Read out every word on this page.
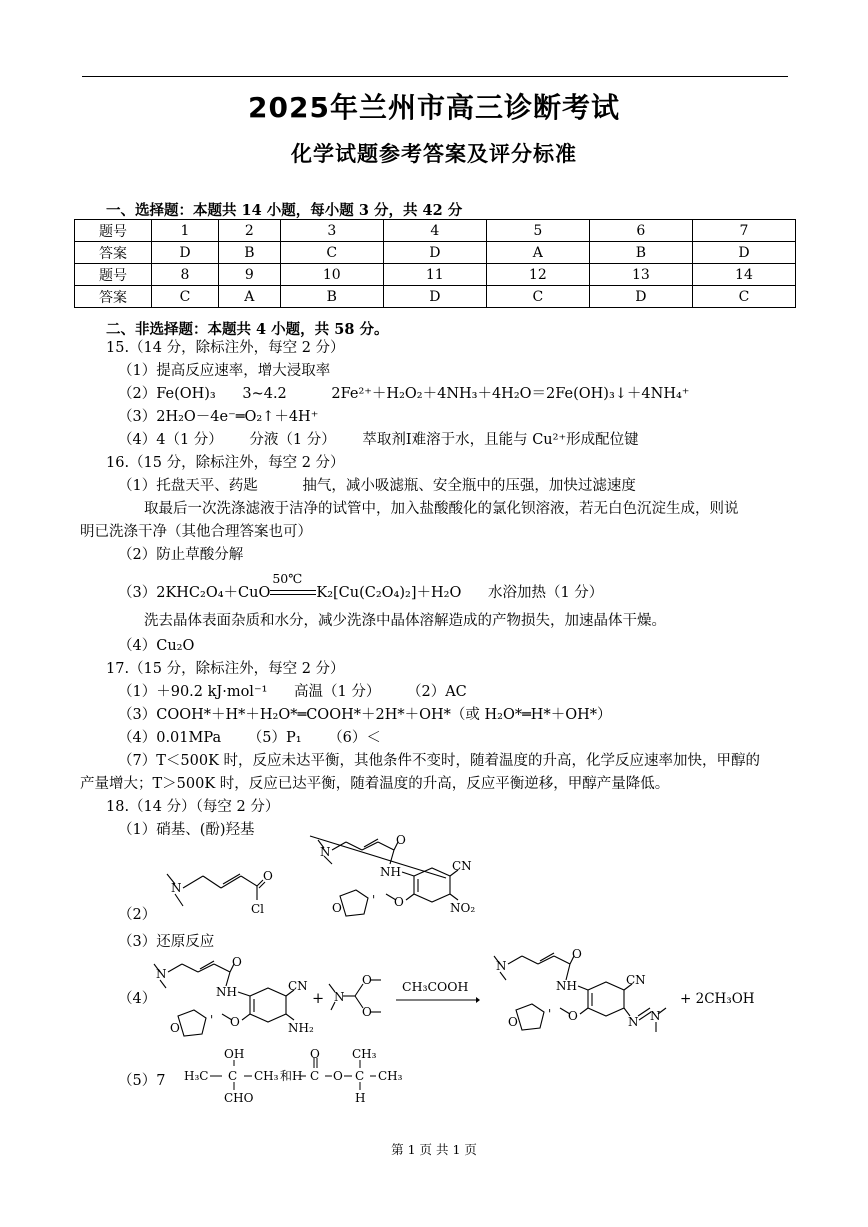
2025年兰州市高三诊断考试
化学试题参考答案及评分标准
一、选择题：本题共 14 小题，每小题 3 分，共 42 分
题号	1	2	3	4	5	6	7
答案	D	B	C	D	A	B	D
题号	8	9	10	11	12	13	14
答案	C	A	B	D	C	D	C
二、非选择题：本题共 4 小题，共 58 分。
15.（14 分，除标注外，每空 2 分）
（1）提高反应速率，增大浸取率
（2）Fe(OH)₃ 3~4.2	2Fe²⁺＋H₂O₂＋4NH₃＋4H₂O＝2Fe(OH)₃↓＋4NH₄⁺
（3）2H₂O－4e⁻═O₂↑＋4H⁺
（4）4（1 分） 分液（1 分） 萃取剂Ⅰ难溶于水，且能与 Cu²⁺形成配位键
16.（15 分，除标注外，每空 2 分）
（1）托盘天平、药匙	抽气，减小吸滤瓶、安全瓶中的压强，加快过滤速度
取最后一次洗涤滤液于洁净的试管中，加入盐酸酸化的氯化钡溶液，若无白色沉淀生成，则说
明已洗涤干净（其他合理答案也可）
（2）防止草酸分解
（3）2KHC₂O₄＋CuO
50℃
K₂[Cu(C₂O₄)₂]＋H₂O 水浴加热（1 分）
洗去晶体表面杂质和水分，减少洗涤中晶体溶解造成的产物损失，加速晶体干燥。
（4）Cu₂O
17.（15 分，除标注外，每空 2 分）
（1）＋90.2 kJ·mol⁻¹ 高温（1 分） （2）AC
（3）COOH*＋H*＋H₂O*═COOH*＋2H*＋OH*（或 H₂O*═H*＋OH*）
（4）0.01MPa （5）P₁ （6）＜
（7）T＜500K 时，反应未达平衡，其他条件不变时，随着温度的升高，化学反应速率加快，甲醇的
产量增大；T＞500K 时，反应已达平衡，随着温度的升高，反应平衡逆移，甲醇产量降低。
18.（14 分）（每空 2 分）
（1）硝基、(酚)羟基
（2）
N
O
Cl
N
O
NH	CN
NO₂
O
O
'
（3）还原反应
（4）
N
O
NH	CN
NH₂
O
O
'
+ N
O
O
CH₃COOH
N
O
NH	CN
N N
O
O
'
+ 2CH₃OH
（5）7
OH
H₃C C CH₃
CHO
和 H
O
C O
CH₃
C CH₃
H
第 1 页 共 1 页
